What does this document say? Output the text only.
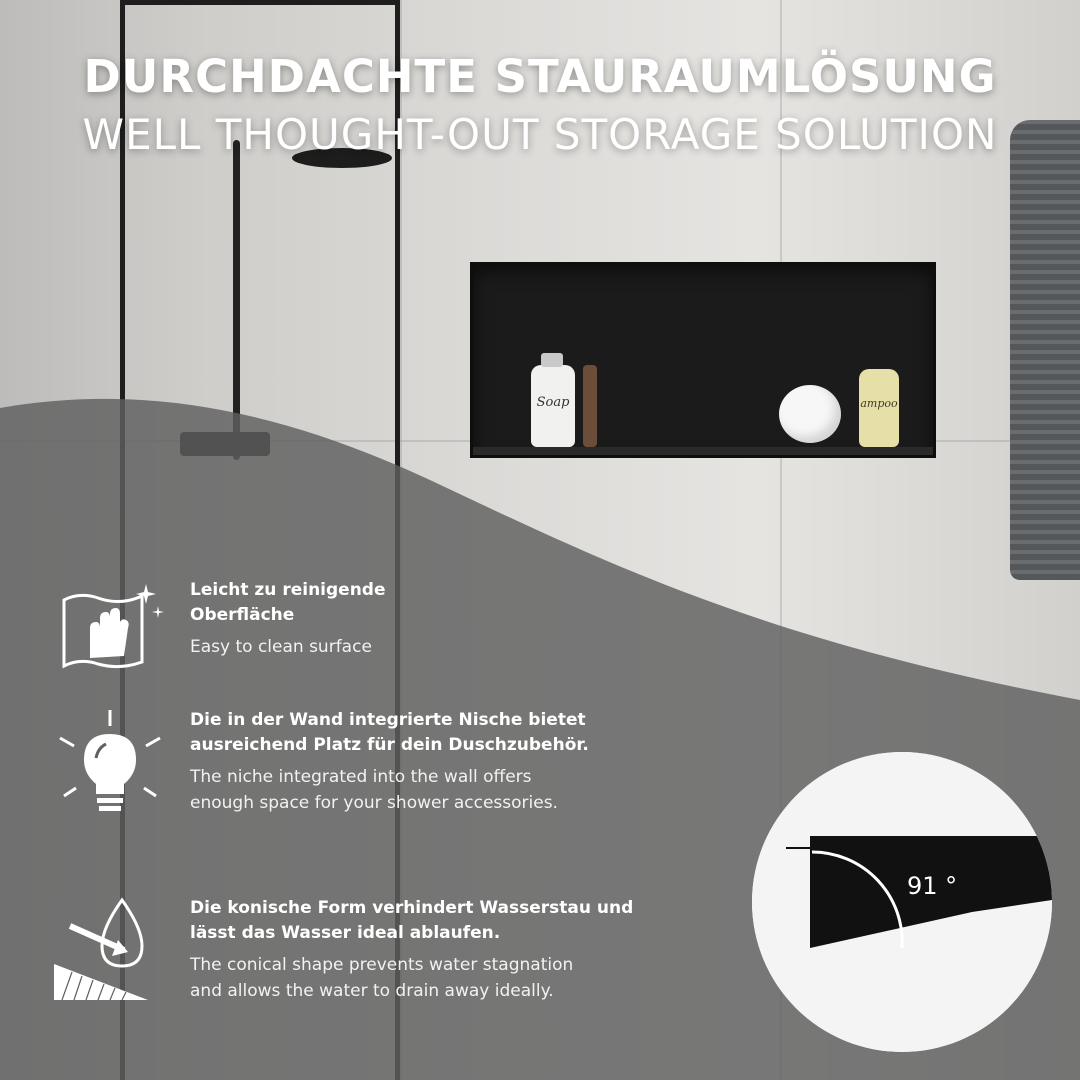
Soap	ampoo
DURCHDACHTE STAURAUMLÖSUNG
WELL THOUGHT-OUT STORAGE SOLUTION
Leicht zu reinigende
Oberfläche
Easy to clean surface
Die in der Wand integrierte Nische bietet
ausreichend Platz für dein Duschzubehör.
The niche integrated into the wall offers
enough space for your shower accessories.
Die konische Form verhindert Wasserstau und
lässt das Wasser ideal ablaufen.
The conical shape prevents water stagnation
and allows the water to drain away ideally.
91 °
